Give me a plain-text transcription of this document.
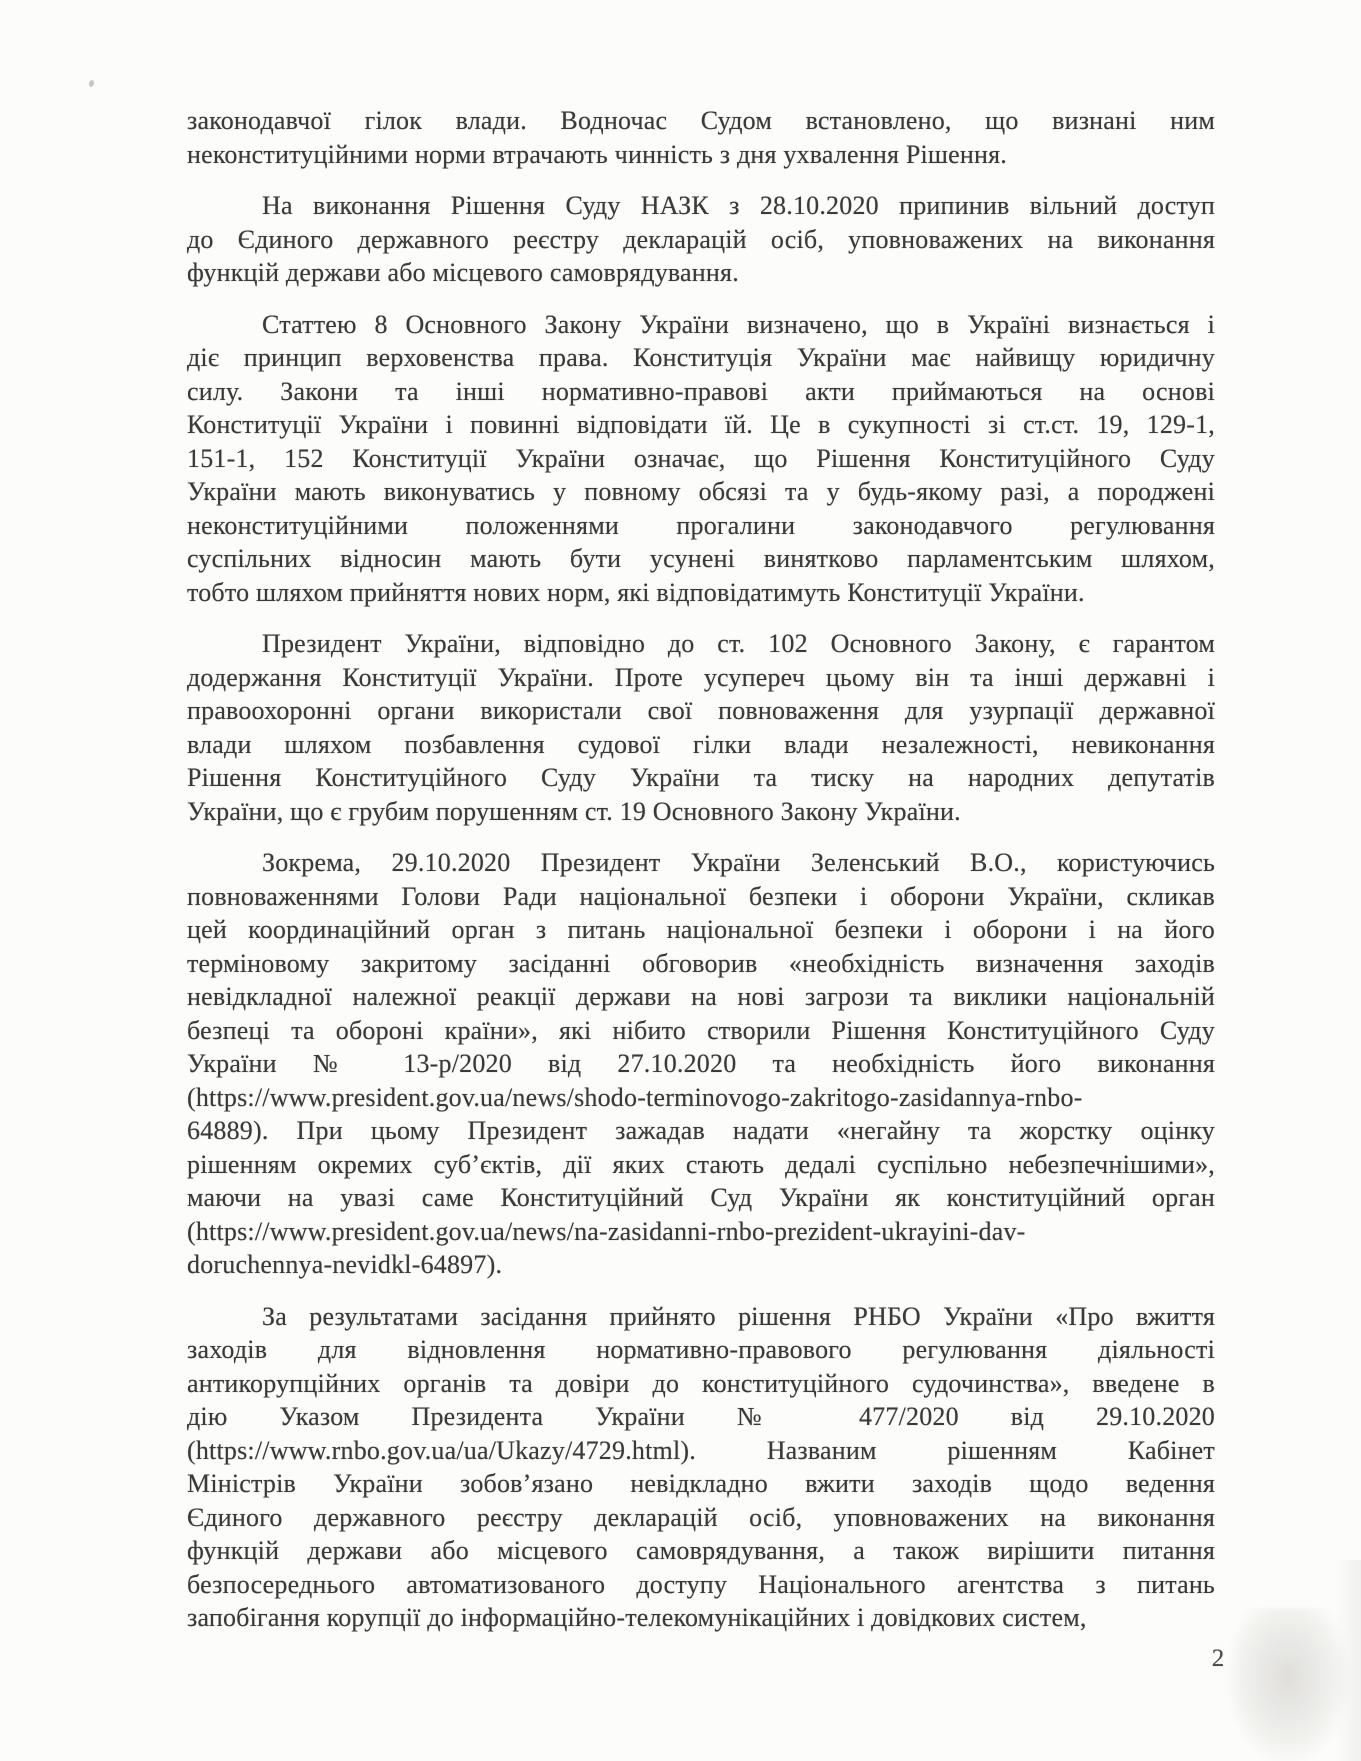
законодавчої гілок влади. Водночас Судом встановлено, що визнані ним
неконституційними норми втрачають чинність з дня ухвалення Рішення.

На виконання Рішення Суду НАЗК з 28.10.2020 припинив вільний доступ
до Єдиного державного реєстру декларацій осіб, уповноважених на виконання
функцій держави або місцевого самоврядування.

Статтею 8 Основного Закону України визначено, що в Україні визнається і
діє принцип верховенства права. Конституція України має найвищу юридичну
силу. Закони та інші нормативно-правові акти приймаються на основі
Конституції України і повинні відповідати їй. Це в сукупності зі ст.ст. 19, 129-1,
151-1, 152 Конституції України означає, що Рішення Конституційного Суду
України мають виконуватись у повному обсязі та у будь-якому разі, а породжені
неконституційними положеннями прогалини законодавчого регулювання
суспільних відносин мають бути усунені винятково парламентським шляхом,
тобто шляхом прийняття нових норм, які відповідатимуть Конституції України.

Президент України, відповідно до ст. 102 Основного Закону, є гарантом
додержання Конституції України. Проте усупереч цьому він та інші державні і
правоохоронні органи використали свої повноваження для узурпації державної
влади шляхом позбавлення судової гілки влади незалежності, невиконання
Рішення Конституційного Суду України та тиску на народних депутатів
України, що є грубим порушенням ст. 19 Основного Закону України.

Зокрема, 29.10.2020 Президент України Зеленський В.О., користуючись
повноваженнями Голови Ради національної безпеки і оборони України, скликав
цей координаційний орган з питань національної безпеки і оборони і на його
терміновому закритому засіданні обговорив «необхідність визначення заходів
невідкладної належної реакції держави на нові загрози та виклики національній
безпеці та обороні країни», які нібито створили Рішення Конституційного Суду
України № 13-р/2020 від 27.10.2020 та необхідність його виконання
(https://www.president.gov.ua/news/shodo-terminovogo-zakritogo-zasidannya-rnbo-
64889). При цьому Президент зажадав надати «негайну та жорстку оцінку
рішенням окремих суб’єктів, дії яких стають дедалі суспільно небезпечнішими»,
маючи на увазі саме Конституційний Суд України як конституційний орган
(https://www.president.gov.ua/news/na-zasidanni-rnbo-prezident-ukrayini-dav-
doruchennya-nevidkl-64897).

За результатами засідання прийнято рішення РНБО України «Про вжиття
заходів для відновлення нормативно-правового регулювання діяльності
антикорупційних органів та довіри до конституційного судочинства», введене в
дію Указом Президента України № 477/2020 від 29.10.2020
(https://www.rnbo.gov.ua/ua/Ukazy/4729.html). Названим рішенням Кабінет
Міністрів України зобов’язано невідкладно вжити заходів щодо ведення
Єдиного державного реєстру декларацій осіб, уповноважених на виконання
функцій держави або місцевого самоврядування, а також вирішити питання
безпосереднього автоматизованого доступу Національного агентства з питань
запобігання корупції до інформаційно-телекомунікаційних і довідкових систем,

2
